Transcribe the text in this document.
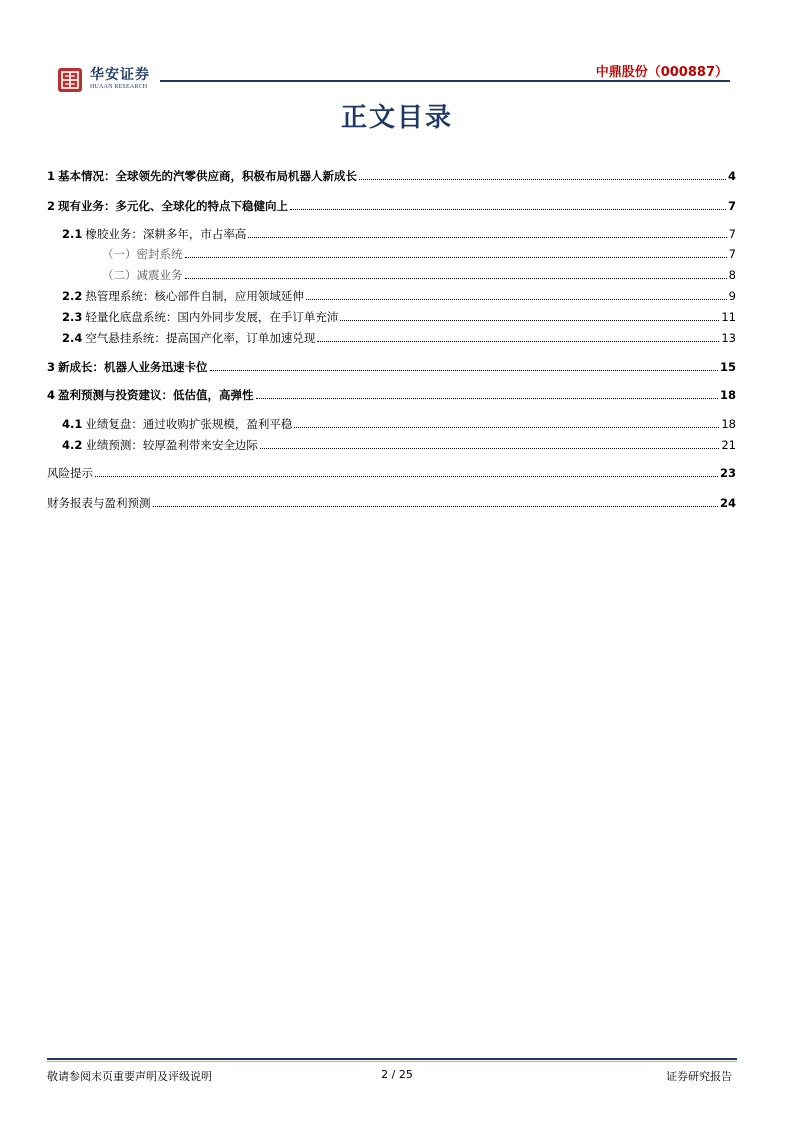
华安证券
HUAAN RESEARCH
中鼎股份（000887）
正文目录
1 基本情况：全球领先的汽零供应商，积极布局机器人新成长	4
2 现有业务：多元化、全球化的特点下稳健向上	7
2.1 橡胶业务：深耕多年，市占率高	7
（一）密封系统	7
（二）减震业务	8
2.2 热管理系统：核心部件自制，应用领域延伸	9
2.3 轻量化底盘系统：国内外同步发展，在手订单充沛	11
2.4 空气悬挂系统：提高国产化率，订单加速兑现	13
3 新成长：机器人业务迅速卡位	15
4 盈利预测与投资建议：低估值，高弹性	18
4.1 业绩复盘：通过收购扩张规模，盈利平稳	18
4.2 业绩预测：较厚盈利带来安全边际	21
风险提示	23
财务报表与盈利预测	24
敬请参阅末页重要声明及评级说明	2 / 25	证券研究报告
